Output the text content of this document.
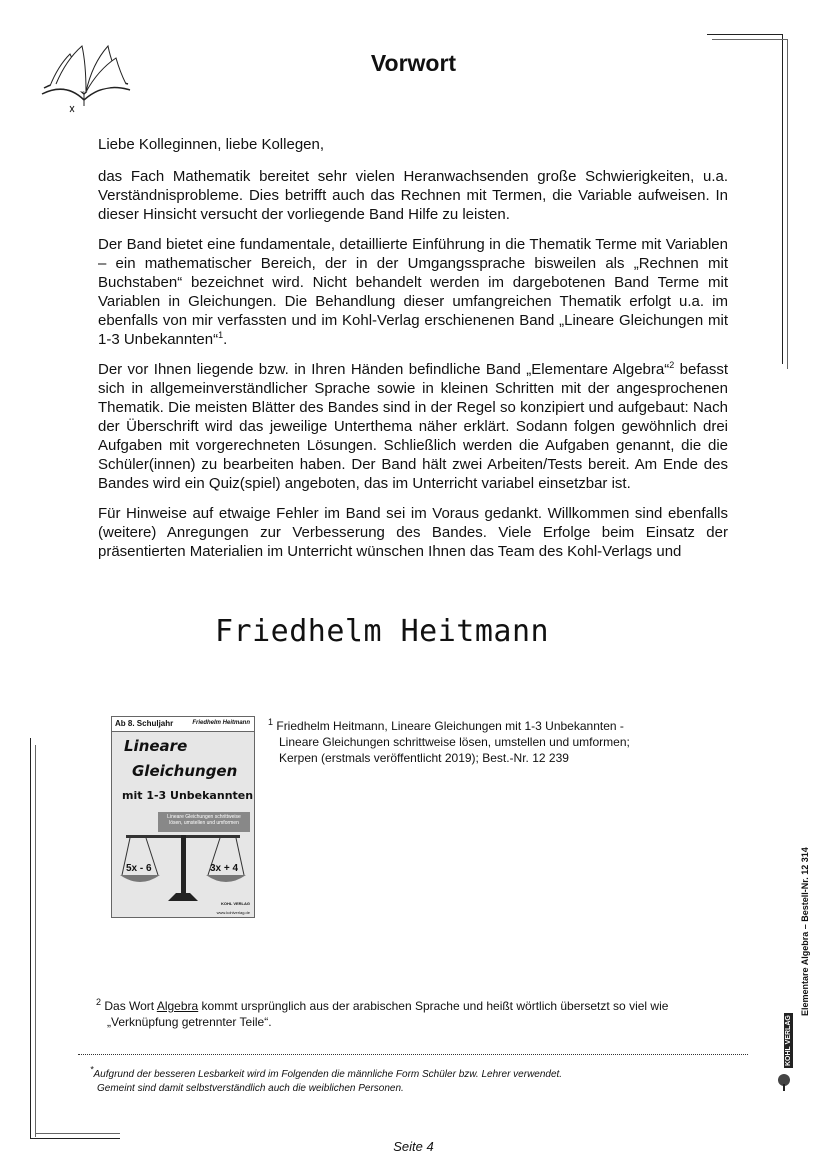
Vorwort

Liebe Kolleginnen, liebe Kollegen,

das Fach Mathematik bereitet sehr vielen Heranwachsenden große Schwierigkeiten, u.a. Verständnisprobleme. Dies betrifft auch das Rechnen mit Termen, die Variable aufweisen. In dieser Hinsicht versucht der vorliegende Band Hilfe zu leisten.

Der Band bietet eine fundamentale, detaillierte Einführung in die Thematik Terme mit Variablen – ein mathematischer Bereich, der in der Umgangssprache bisweilen als „Rechnen mit Buchstaben“ bezeichnet wird. Nicht behandelt werden im dargebotenen Band Terme mit Variablen in Gleichungen. Die Behandlung dieser umfangreichen Thematik erfolgt u.a. im ebenfalls von mir verfassten und im Kohl-Verlag erschienenen Band „Lineare Gleichungen mit 1-3 Unbekannten“$^1$.

Der vor Ihnen liegende bzw. in Ihren Händen befindliche Band „Elementare Algebra“$^2$ befasst sich in allgemeinverständlicher Sprache sowie in kleinen Schritten mit der angesprochenen Thematik. Die meisten Blätter des Bandes sind in der Regel so konzipiert und aufgebaut: Nach der Überschrift wird das jeweilige Unterthema näher erklärt. Sodann folgen gewöhnlich drei Aufgaben mit vorgerechneten Lösungen. Schließlich werden die Aufgaben genannt, die die Schüler(innen) zu bearbeiten haben. Der Band hält zwei Arbeiten/Tests bereit. Am Ende des Bandes wird ein Quiz(spiel) angeboten, das im Unterricht variabel einsetzbar ist.

Für Hinweise auf etwaige Fehler im Band sei im Voraus gedankt. Willkommen sind ebenfalls (weitere) Anregungen zur Verbesserung des Bandes. Viele Erfolge beim Einsatz der präsentierten Materialien im Unterricht wünschen Ihnen das Team des Kohl-Verlags und

Friedhelm Heitmann
Ab 8. Schuljahr	Friedhelm Heitmann
Lineare
Gleichungen
mit 1-3 Unbekannten
Lineare Gleichungen schrittweise lösen, umstellen und umformen
5x - 6	3x + 4
KOHL VERLAG
www.kohlverlag.de
$^1$ Friedhelm Heitmann, Lineare Gleichungen mit 1-3 Unbekannten -
Lineare Gleichungen schrittweise lösen, umstellen und umformen;
Kerpen (erstmals veröffentlicht 2019); Best.-Nr. 12 239
$^2$ Das Wort Algebra kommt ursprünglich aus der arabischen Sprache und heißt wörtlich übersetzt so viel wie
„Verknüpfung getrennter Teile“.
*Aufgrund der besseren Lesbarkeit wird im Folgenden die männliche Form Schüler bzw. Lehrer verwendet.
Gemeint sind damit selbstverständlich auch die weiblichen Personen.
Elementare Algebra – Bestell-Nr. 12 314
KOHL VERLAG
Seite 4
